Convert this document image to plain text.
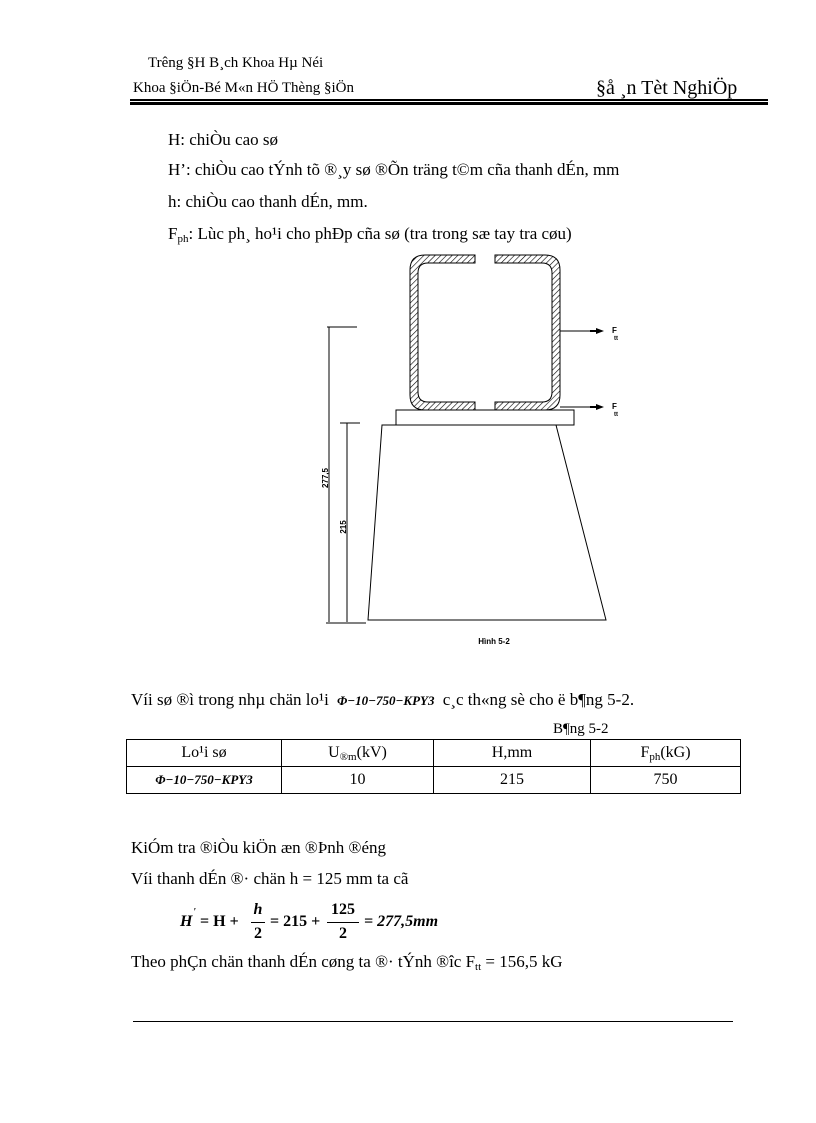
Trêng §H B¸ch Khoa Hµ Néi
Khoa §iÖn-Bé M«n HÖ Thèng §iÖn	§å ¸n Tèt NghiÖp
H: chiÒu cao sø
H’: chiÒu cao tÝnh tõ ®¸y sø ®Õn träng t©m cña thanh dÉn, mm
h: chiÒu cao thanh dÉn, mm.
$F_{ph}$: Lùc ph¸ ho¹i cho phÐp cña sø (tra trong sæ tay tra cøu)
277,5
215
F
tt
F
tt
Hình 5-2
Víi sø ®ì trong nhµ chän lo¹i Φ−10−750−KPY3 c¸c th«ng sè cho ë b¶ng 5-2.
B¶ng 5-2
Lo¹i sø	$U_{®m}(kV)$	H,mm	$F_{ph}(kG)$
Φ−10−750−KPY3	10	215	750
KiÓm tra ®iÒu kiÖn æn ®Þnh ®éng
Víi thanh dÉn ®· chän h = 125 mm ta cã
H
'
= H +
h
2
= 215 +
125
2
= 277,5mm
Theo phÇn chän thanh dÉn cøng ta ®· tÝnh ®îc $F_{tt} = 156,5$ kG
